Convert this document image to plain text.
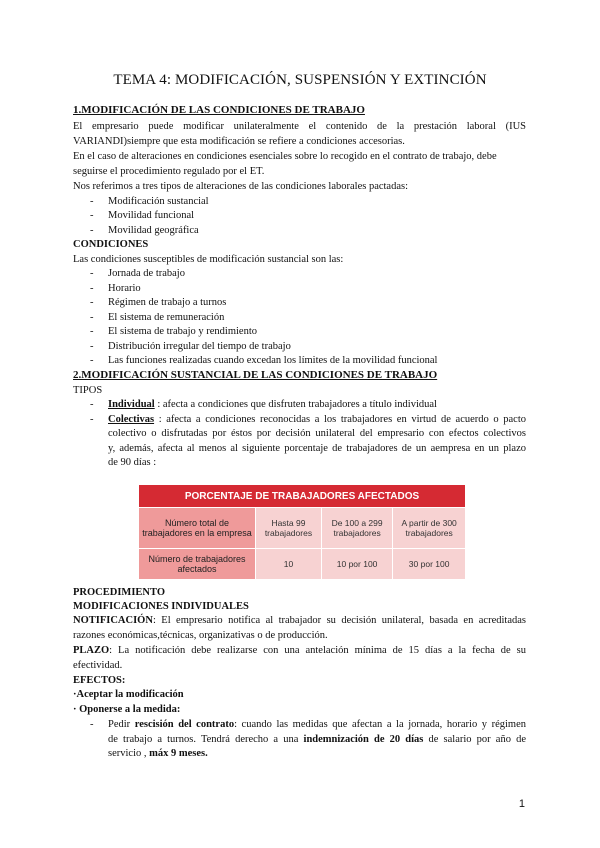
TEMA 4: MODIFICACIÓN, SUSPENSIÓN Y EXTINCIÓN
1.MODIFICACIÓN DE LAS CONDICIONES DE TRABAJO
El empresario puede modificar unilateralmente el contenido de la prestación laboral (IUS
VARIANDI)siempre que esta modificación se refiere a condiciones accesorias.
En el caso de alteraciones en condiciones esenciales sobre lo recogido en el contrato de trabajo, debe
seguirse el procedimiento regulado por el ET.
Nos referimos a tres tipos de alteraciones de las condiciones laborales pactadas:
- Modificación sustancial
- Movilidad funcional
- Movilidad geográfica
CONDICIONES
Las condiciones susceptibles de modificación sustancial son las:
- Jornada de trabajo
- Horario
- Régimen de trabajo a turnos
- El sistema de remuneración
- El sistema de trabajo y rendimiento
- Distribución irregular del tiempo de trabajo
- Las funciones realizadas cuando excedan los límites de la movilidad funcional
2.MODIFICACIÓN SUSTANCIAL DE LAS CONDICIONES DE TRABAJO
TIPOS
- Individual : afecta a condiciones que disfruten trabajadores a título individual
- Colectivas : afecta a condiciones reconocidas a los trabajadores en virtud de acuerdo o pacto
colectivo o disfrutadas por éstos por decisión unilateral del empresario con efectos colectivos
y, además, afecta al menos al siguiente porcentaje de trabajadores de un aempresa en un plazo
de 90 días :
PORCENTAJE DE TRABAJADORES AFECTADOS			
Número total de trabajadores en la empresa	Hasta 99 trabajadores	De 100 a 299 trabajadores	A partir de 300 trabajadores
Número de trabajadores afectados	10	10 por 100	30 por 100
PROCEDIMIENTO
MODIFICACIONES INDIVIDUALES
NOTIFICACIÓN: El empresario notifica al trabajador su decisión unilateral, basada en acreditadas
razones económicas,técnicas, organizativas o de producción.
PLAZO: La notificación debe realizarse con una antelación mínima de 15 días a la fecha de su
efectividad.
EFECTOS:
·Aceptar la modificación
· Oponerse a la medida:
- Pedir rescisión del contrato: cuando las medidas que afectan a la jornada, horario y régimen
de trabajo a turnos. Tendrá derecho a una indemnización de 20 días de salario por año de
servicio , máx 9 meses.
1
